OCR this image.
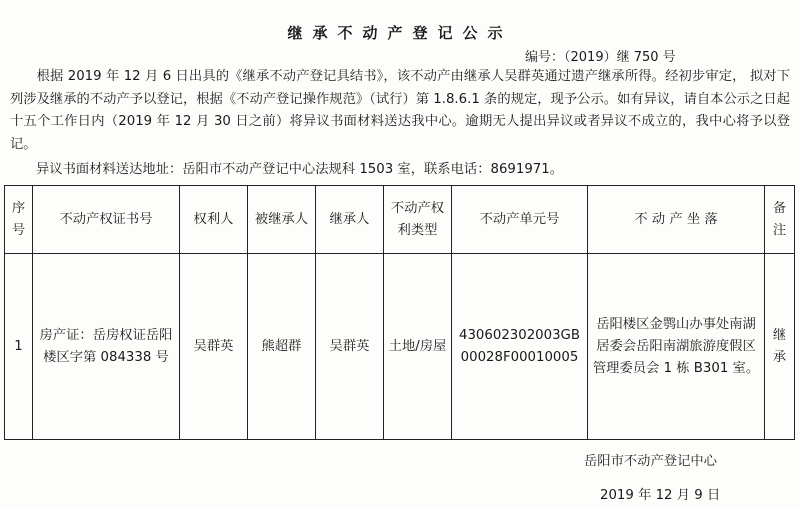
继承不动产登记公示
编号：（2019）继 750 号

根据 2019 年 12 月 6 日出具的《继承不动产登记具结书》，该不动产由继承人吴群英通过遗产继承所得。经初步审定， 拟对下列涉及继承的不动产予以登记，根据《不动产登记操作规范》（试行）第 1.8.6.1 条的规定，现予公示。如有异议，请自本公示之日起十五个工作日内（2019 年 12 月 30 日之前）将异议书面材料送达我中心。逾期无人提出异议或者异议不成立的，我中心将予以登记。

异议书面材料送达地址：岳阳市不动产登记中心法规科 1503 室，联系电话：8691971。
序号	不动产权证书号	权利人	被继承人	继承人	不动产权利类型	不动产单元号	不 动 产 坐 落	备注
1	房产证：岳房权证岳阳楼区字第 084338 号	吴群英	熊超群	吴群英	土地/房屋	430602302003GB00028F00010005	岳阳楼区金鹗山办事处南湖居委会岳阳南湖旅游度假区管理委员会 1 栋 B301 室。	继承
岳阳市不动产登记中心
2019 年 12 月 9 日
